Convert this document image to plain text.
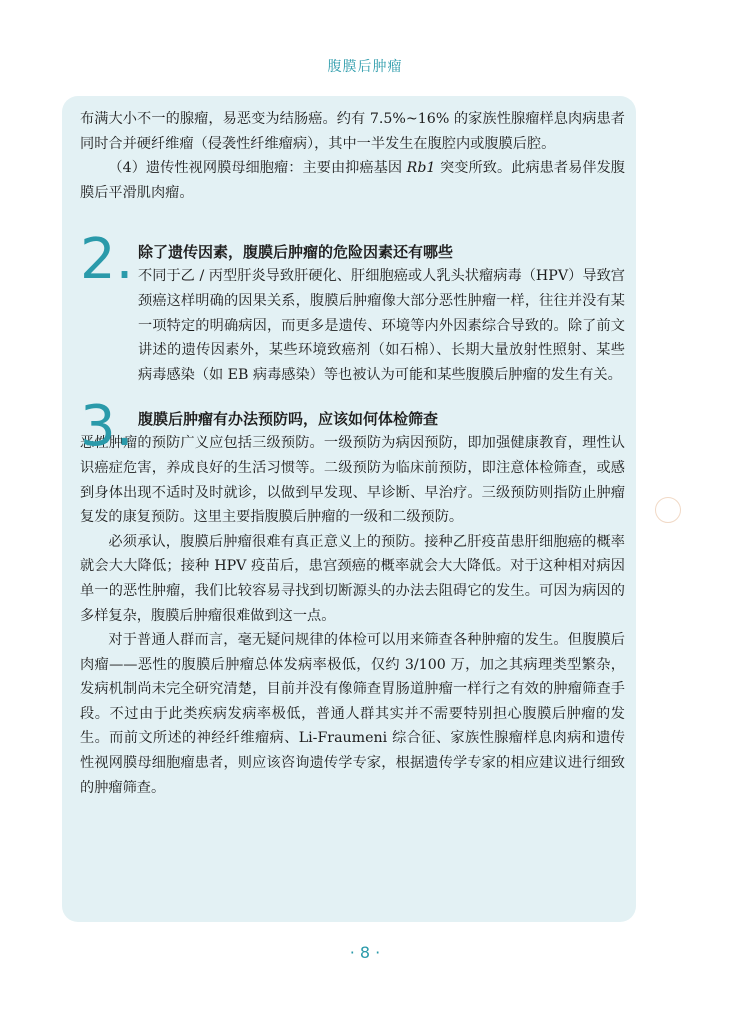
腹膜后肿瘤

布满大小不一的腺瘤，易恶变为结肠癌。约有 7.5%~16% 的家族性腺瘤样息肉病患者同时合并硬纤维瘤（侵袭性纤维瘤病），其中一半发生在腹腔内或腹膜后腔。

（4）遗传性视网膜母细胞瘤：主要由抑癌基因 Rb1 突变所致。此病患者易伴发腹膜后平滑肌肉瘤。

2. 除了遗传因素，腹膜后肿瘤的危险因素还有哪些

不同于乙 / 丙型肝炎导致肝硬化、肝细胞癌或人乳头状瘤病毒（HPV）导致宫颈癌这样明确的因果关系，腹膜后肿瘤像大部分恶性肿瘤一样，往往并没有某一项特定的明确病因，而更多是遗传、环境等内外因素综合导致的。除了前文讲述的遗传因素外，某些环境致癌剂（如石棉）、长期大量放射性照射、某些病毒感染（如 EB 病毒感染）等也被认为可能和某些腹膜后肿瘤的发生有关。

3. 腹膜后肿瘤有办法预防吗，应该如何体检筛查

恶性肿瘤的预防广义应包括三级预防。一级预防为病因预防，即加强健康教育，理性认识癌症危害，养成良好的生活习惯等。二级预防为临床前预防，即注意体检筛查，或感到身体出现不适时及时就诊，以做到早发现、早诊断、早治疗。三级预防则指防止肿瘤复发的康复预防。这里主要指腹膜后肿瘤的一级和二级预防。

必须承认，腹膜后肿瘤很难有真正意义上的预防。接种乙肝疫苗患肝细胞癌的概率就会大大降低；接种 HPV 疫苗后，患宫颈癌的概率就会大大降低。对于这种相对病因单一的恶性肿瘤，我们比较容易寻找到切断源头的办法去阻碍它的发生。可因为病因的多样复杂，腹膜后肿瘤很难做到这一点。

对于普通人群而言，毫无疑问规律的体检可以用来筛查各种肿瘤的发生。但腹膜后肉瘤——恶性的腹膜后肿瘤总体发病率极低，仅约 3/100 万，加之其病理类型繁杂，发病机制尚未完全研究清楚，目前并没有像筛查胃肠道肿瘤一样行之有效的肿瘤筛查手段。不过由于此类疾病发病率极低，普通人群其实并不需要特别担心腹膜后肿瘤的发生。而前文所述的神经纤维瘤病、Li-Fraumeni 综合征、家族性腺瘤样息肉病和遗传性视网膜母细胞瘤患者，则应该咨询遗传学专家，根据遗传学专家的相应建议进行细致的肿瘤筛查。

· 8 ·
